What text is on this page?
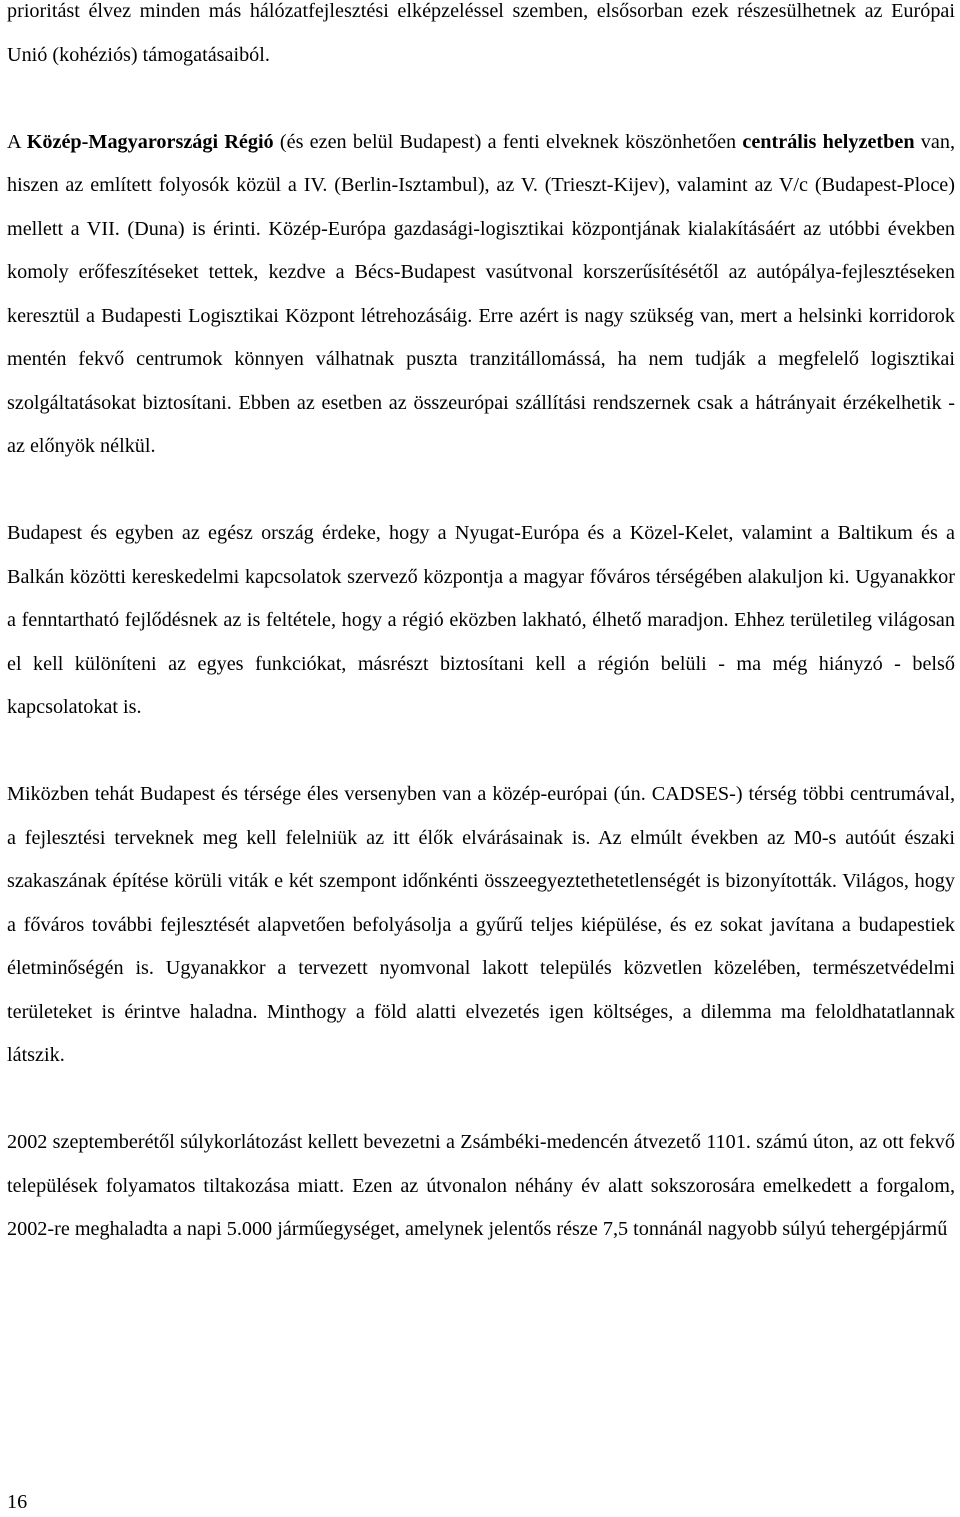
prioritást élvez minden más hálózatfejlesztési elképzeléssel szemben, elsősorban ezek részesülhetnek az Európai Unió (kohéziós) támogatásaiból.

A Közép-Magyarországi Régió (és ezen belül Budapest) a fenti elveknek köszönhetően centrális helyzetben van, hiszen az említett folyosók közül a IV. (Berlin-Isztambul), az V. (Trieszt-Kijev), valamint az V/c (Budapest-Ploce) mellett a VII. (Duna) is érinti. Közép-Európa gazdasági-logisztikai központjának kialakításáért az utóbbi években komoly erőfeszítéseket tettek, kezdve a Bécs-Budapest vasútvonal korszerűsítésétől az autópálya-fejlesztéseken keresztül a Budapesti Logisztikai Központ létrehozásáig. Erre azért is nagy szükség van, mert a helsinki korridorok mentén fekvő centrumok könnyen válhatnak puszta tranzitállomássá, ha nem tudják a megfelelő logisztikai szolgáltatásokat biztosítani. Ebben az esetben az összeurópai szállítási rendszernek csak a hátrányait érzékelhetik - az előnyök nélkül.

Budapest és egyben az egész ország érdeke, hogy a Nyugat-Európa és a Közel-Kelet, valamint a Baltikum és a Balkán közötti kereskedelmi kapcsolatok szervező központja a magyar főváros térségében alakuljon ki. Ugyanakkor a fenntartható fejlődésnek az is feltétele, hogy a régió eközben lakható, élhető maradjon. Ehhez területileg világosan el kell különíteni az egyes funkciókat, másrészt biztosítani kell a régión belüli - ma még hiányzó - belső kapcsolatokat is.

Miközben tehát Budapest és térsége éles versenyben van a közép-európai (ún. CADSES-) térség többi centrumával, a fejlesztési terveknek meg kell felelniük az itt élők elvárásainak is. Az elmúlt években az M0-s autóút északi szakaszának építése körüli viták e két szempont időnkénti összeegyeztethetetlenségét is bizonyították. Világos, hogy a főváros további fejlesztését alapvetően befolyásolja a gyűrű teljes kiépülése, és ez sokat javítana a budapestiek életminőségén is. Ugyanakkor a tervezett nyomvonal lakott település közvetlen közelében, természetvédelmi területeket is érintve haladna. Minthogy a föld alatti elvezetés igen költséges, a dilemma ma feloldhatatlannak látszik.

2002 szeptemberétől súlykorlátozást kellett bevezetni a Zsámbéki-medencén átvezető 1101. számú úton, az ott fekvő települések folyamatos tiltakozása miatt. Ezen az útvonalon néhány év alatt sokszorosára emelkedett a forgalom, 2002-re meghaladta a napi 5.000 járműegységet, amelynek jelentős része 7,5 tonnánál nagyobb súlyú tehergépjármű

16
